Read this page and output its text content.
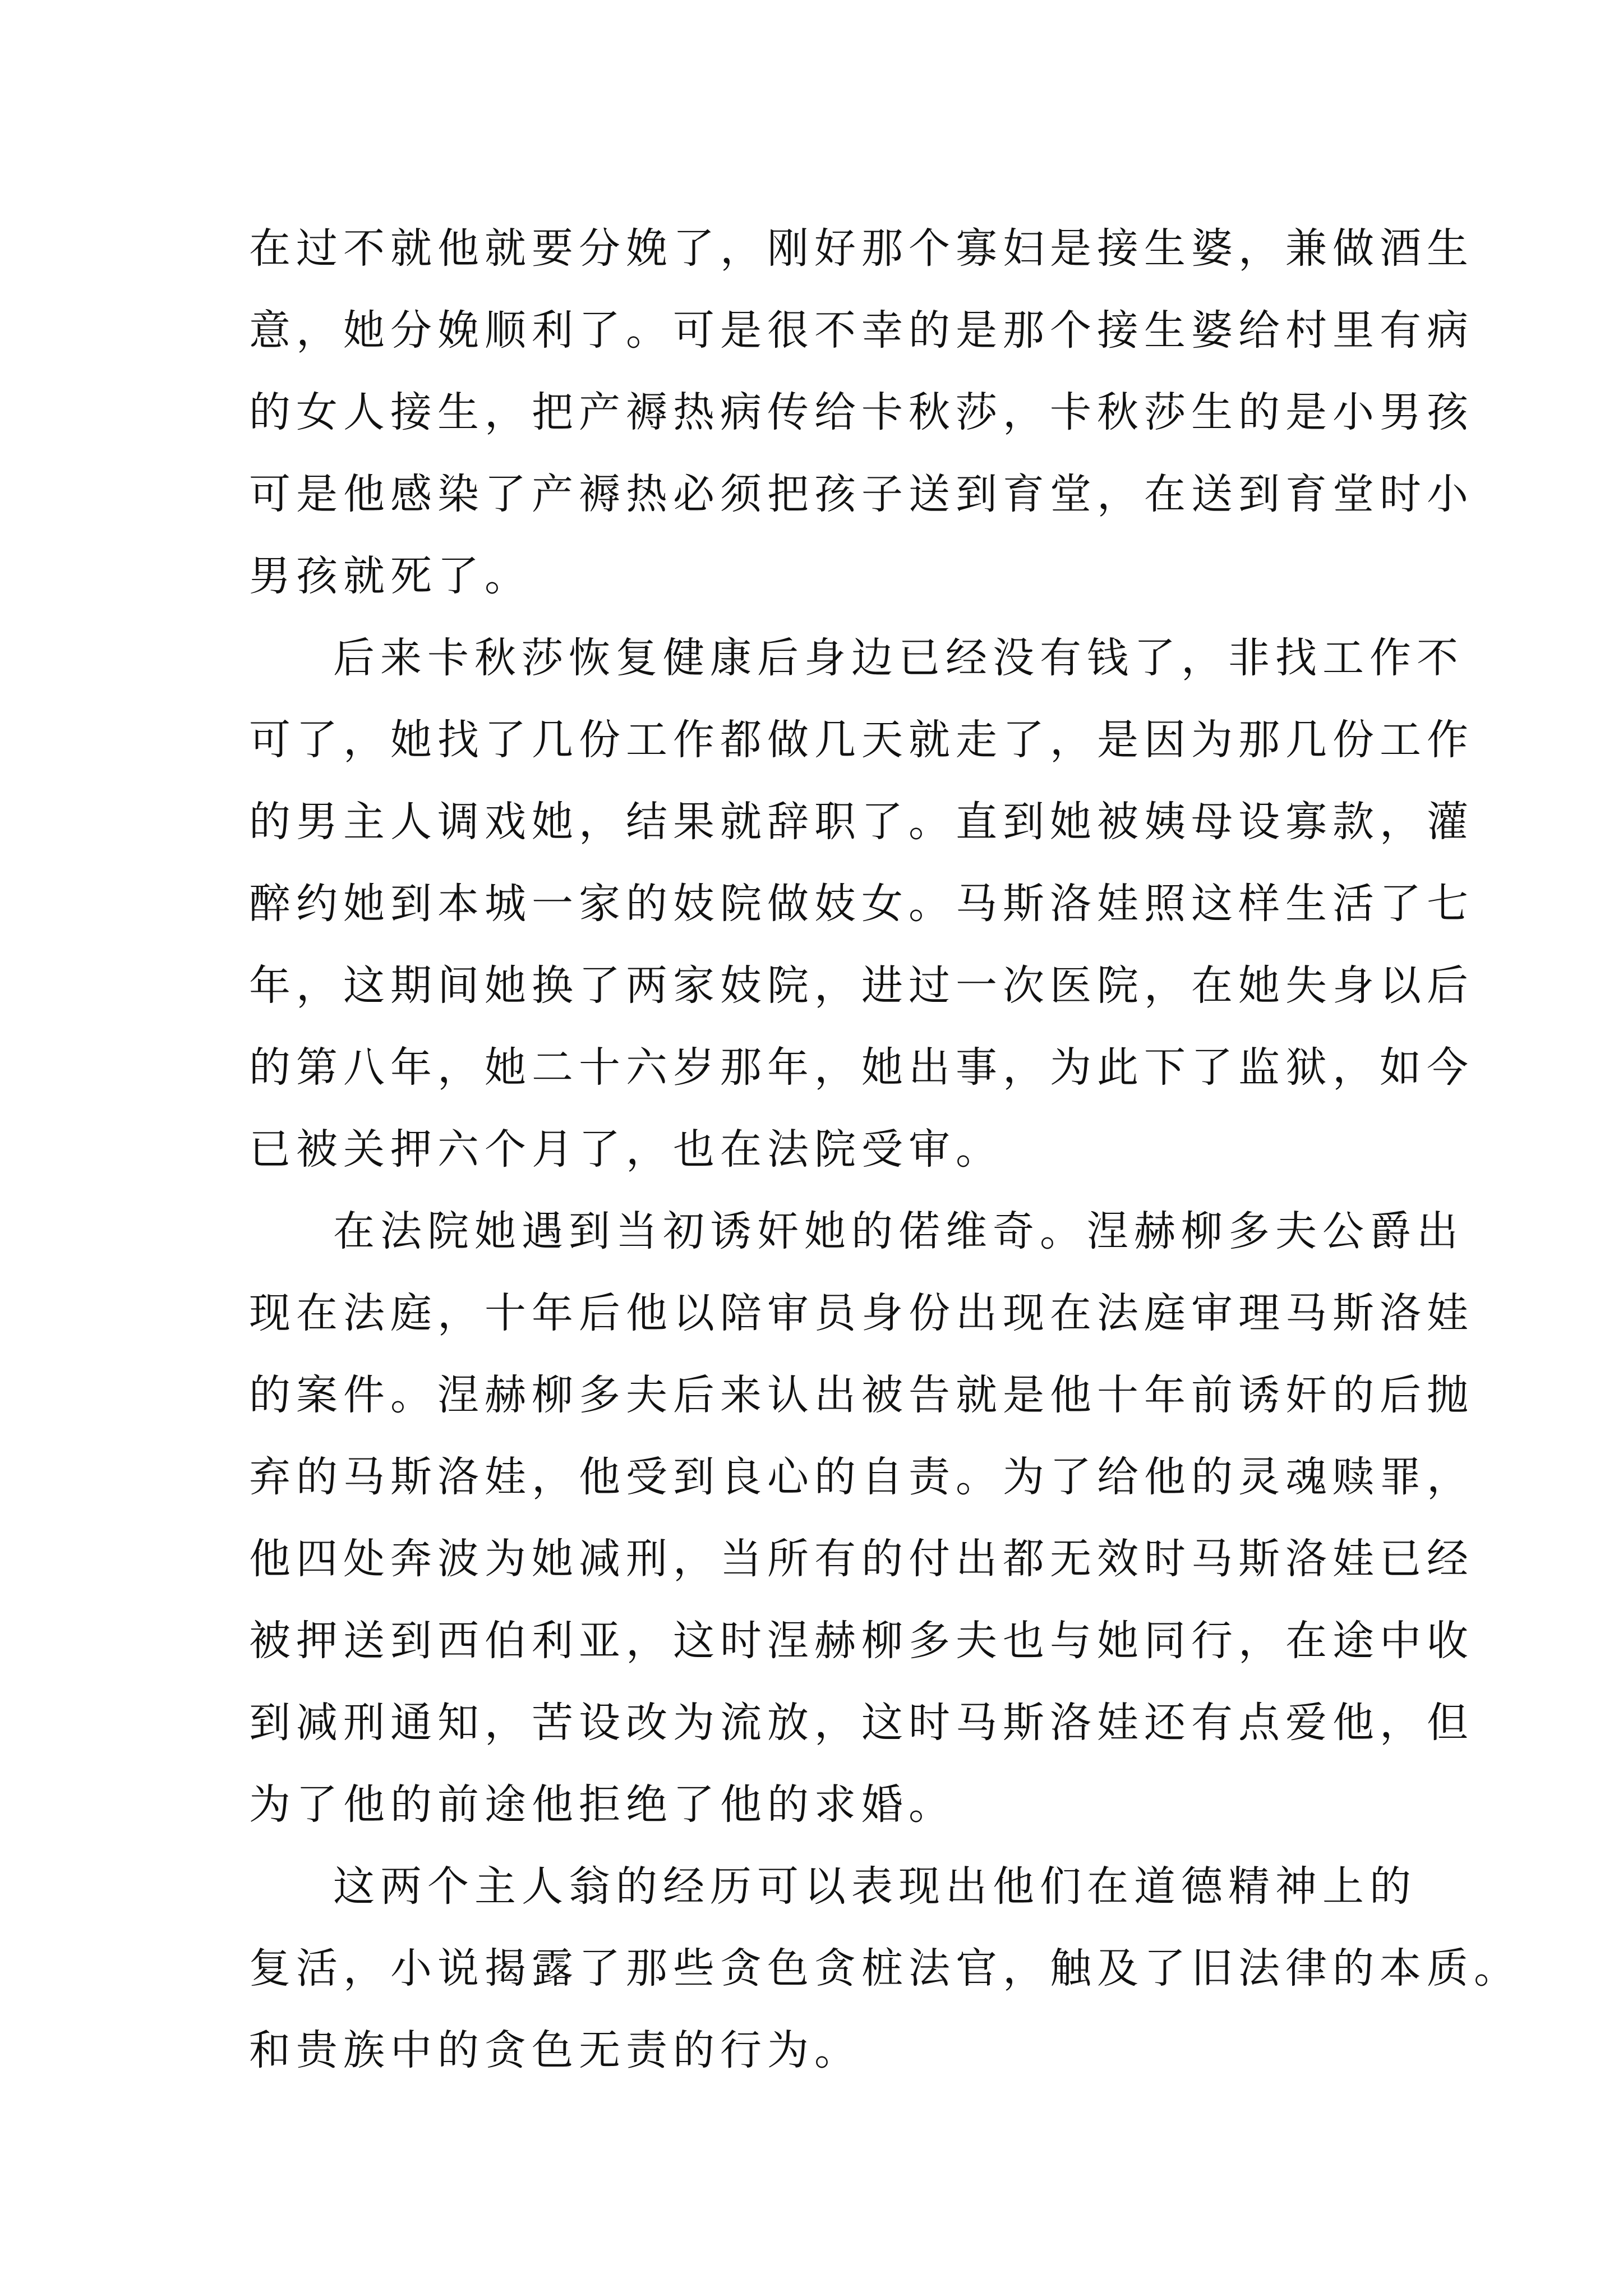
在过不就他就要分娩了，刚好那个寡妇是接生婆，兼做酒生
意，她分娩顺利了。可是很不幸的是那个接生婆给村里有病
的女人接生，把产褥热病传给卡秋莎，卡秋莎生的是小男孩
可是他感染了产褥热必须把孩子送到育堂，在送到育堂时小
男孩就死了。
后来卡秋莎恢复健康后身边已经没有钱了，非找工作不
可了，她找了几份工作都做几天就走了，是因为那几份工作
的男主人调戏她，结果就辞职了。直到她被姨母设寡款，灌
醉约她到本城一家的妓院做妓女。马斯洛娃照这样生活了七
年，这期间她换了两家妓院，进过一次医院，在她失身以后
的第八年，她二十六岁那年，她出事，为此下了监狱，如今
已被关押六个月了，也在法院受审。
在法院她遇到当初诱奸她的偌维奇。涅赫柳多夫公爵出
现在法庭，十年后他以陪审员身份出现在法庭审理马斯洛娃
的案件。涅赫柳多夫后来认出被告就是他十年前诱奸的后抛
弃的马斯洛娃，他受到良心的自责。为了给他的灵魂赎罪，
他四处奔波为她减刑，当所有的付出都无效时马斯洛娃已经
被押送到西伯利亚，这时涅赫柳多夫也与她同行，在途中收
到减刑通知，苦设改为流放，这时马斯洛娃还有点爱他，但
为了他的前途他拒绝了他的求婚。
这两个主人翁的经历可以表现出他们在道德精神上的
复活，小说揭露了那些贪色贪桩法官，触及了旧法律的本质。
和贵族中的贪色无责的行为。
